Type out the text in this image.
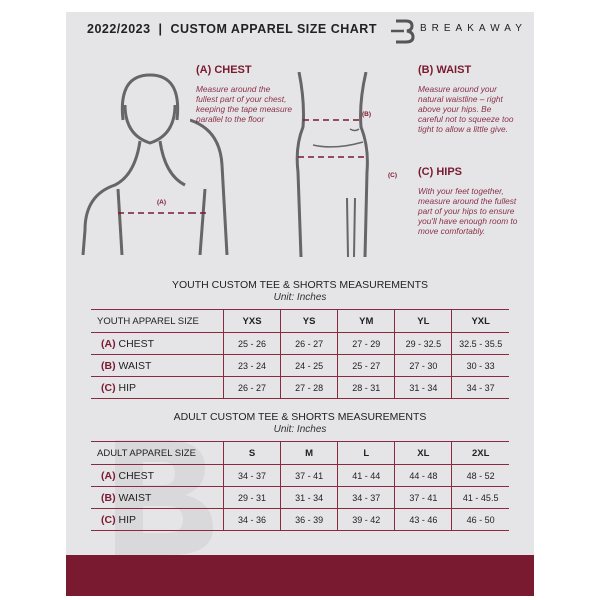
2022/2023  |  CUSTOM APPAREL SIZE CHART	BREAKAWAY
(A)
(A) CHEST
Measure around the fullest part of your chest, keeping the tape measure parallel to the floor	(B)
(C)
(B) WAIST
Measure around your natural waistline – right above your hips. Be careful not to squeeze too tight to allow a little give.
(C) HIPS
With your feet together, measure around the fullest part of your hips to ensure you'll have enough room to move comfortably.
YOUTH CUSTOM TEE & SHORTS MEASUREMENTS
Unit: Inches
YOUTH APPAREL SIZE	YXS	YS	YM	YL	YXL
(A) CHEST	25 - 26	26 - 27	27 - 29	29 - 32.5	32.5 - 35.5
(B) WAIST	23 - 24	24 - 25	25 - 27	27 - 30	30 - 33
(C) HIP	26 - 27	27 - 28	28 - 31	31 - 34	34 - 37
ADULT CUSTOM TEE & SHORTS MEASUREMENTS
Unit: Inches
ADULT APPAREL SIZE	S	M	L	XL	2XL
(A) CHEST	34 - 37	37 - 41	41 - 44	44 - 48	48 - 52
(B) WAIST	29 - 31	31 - 34	34 - 37	37 - 41	41 - 45.5
(C) HIP	34 - 36	36 - 39	39 - 42	43 - 46	46 - 50
